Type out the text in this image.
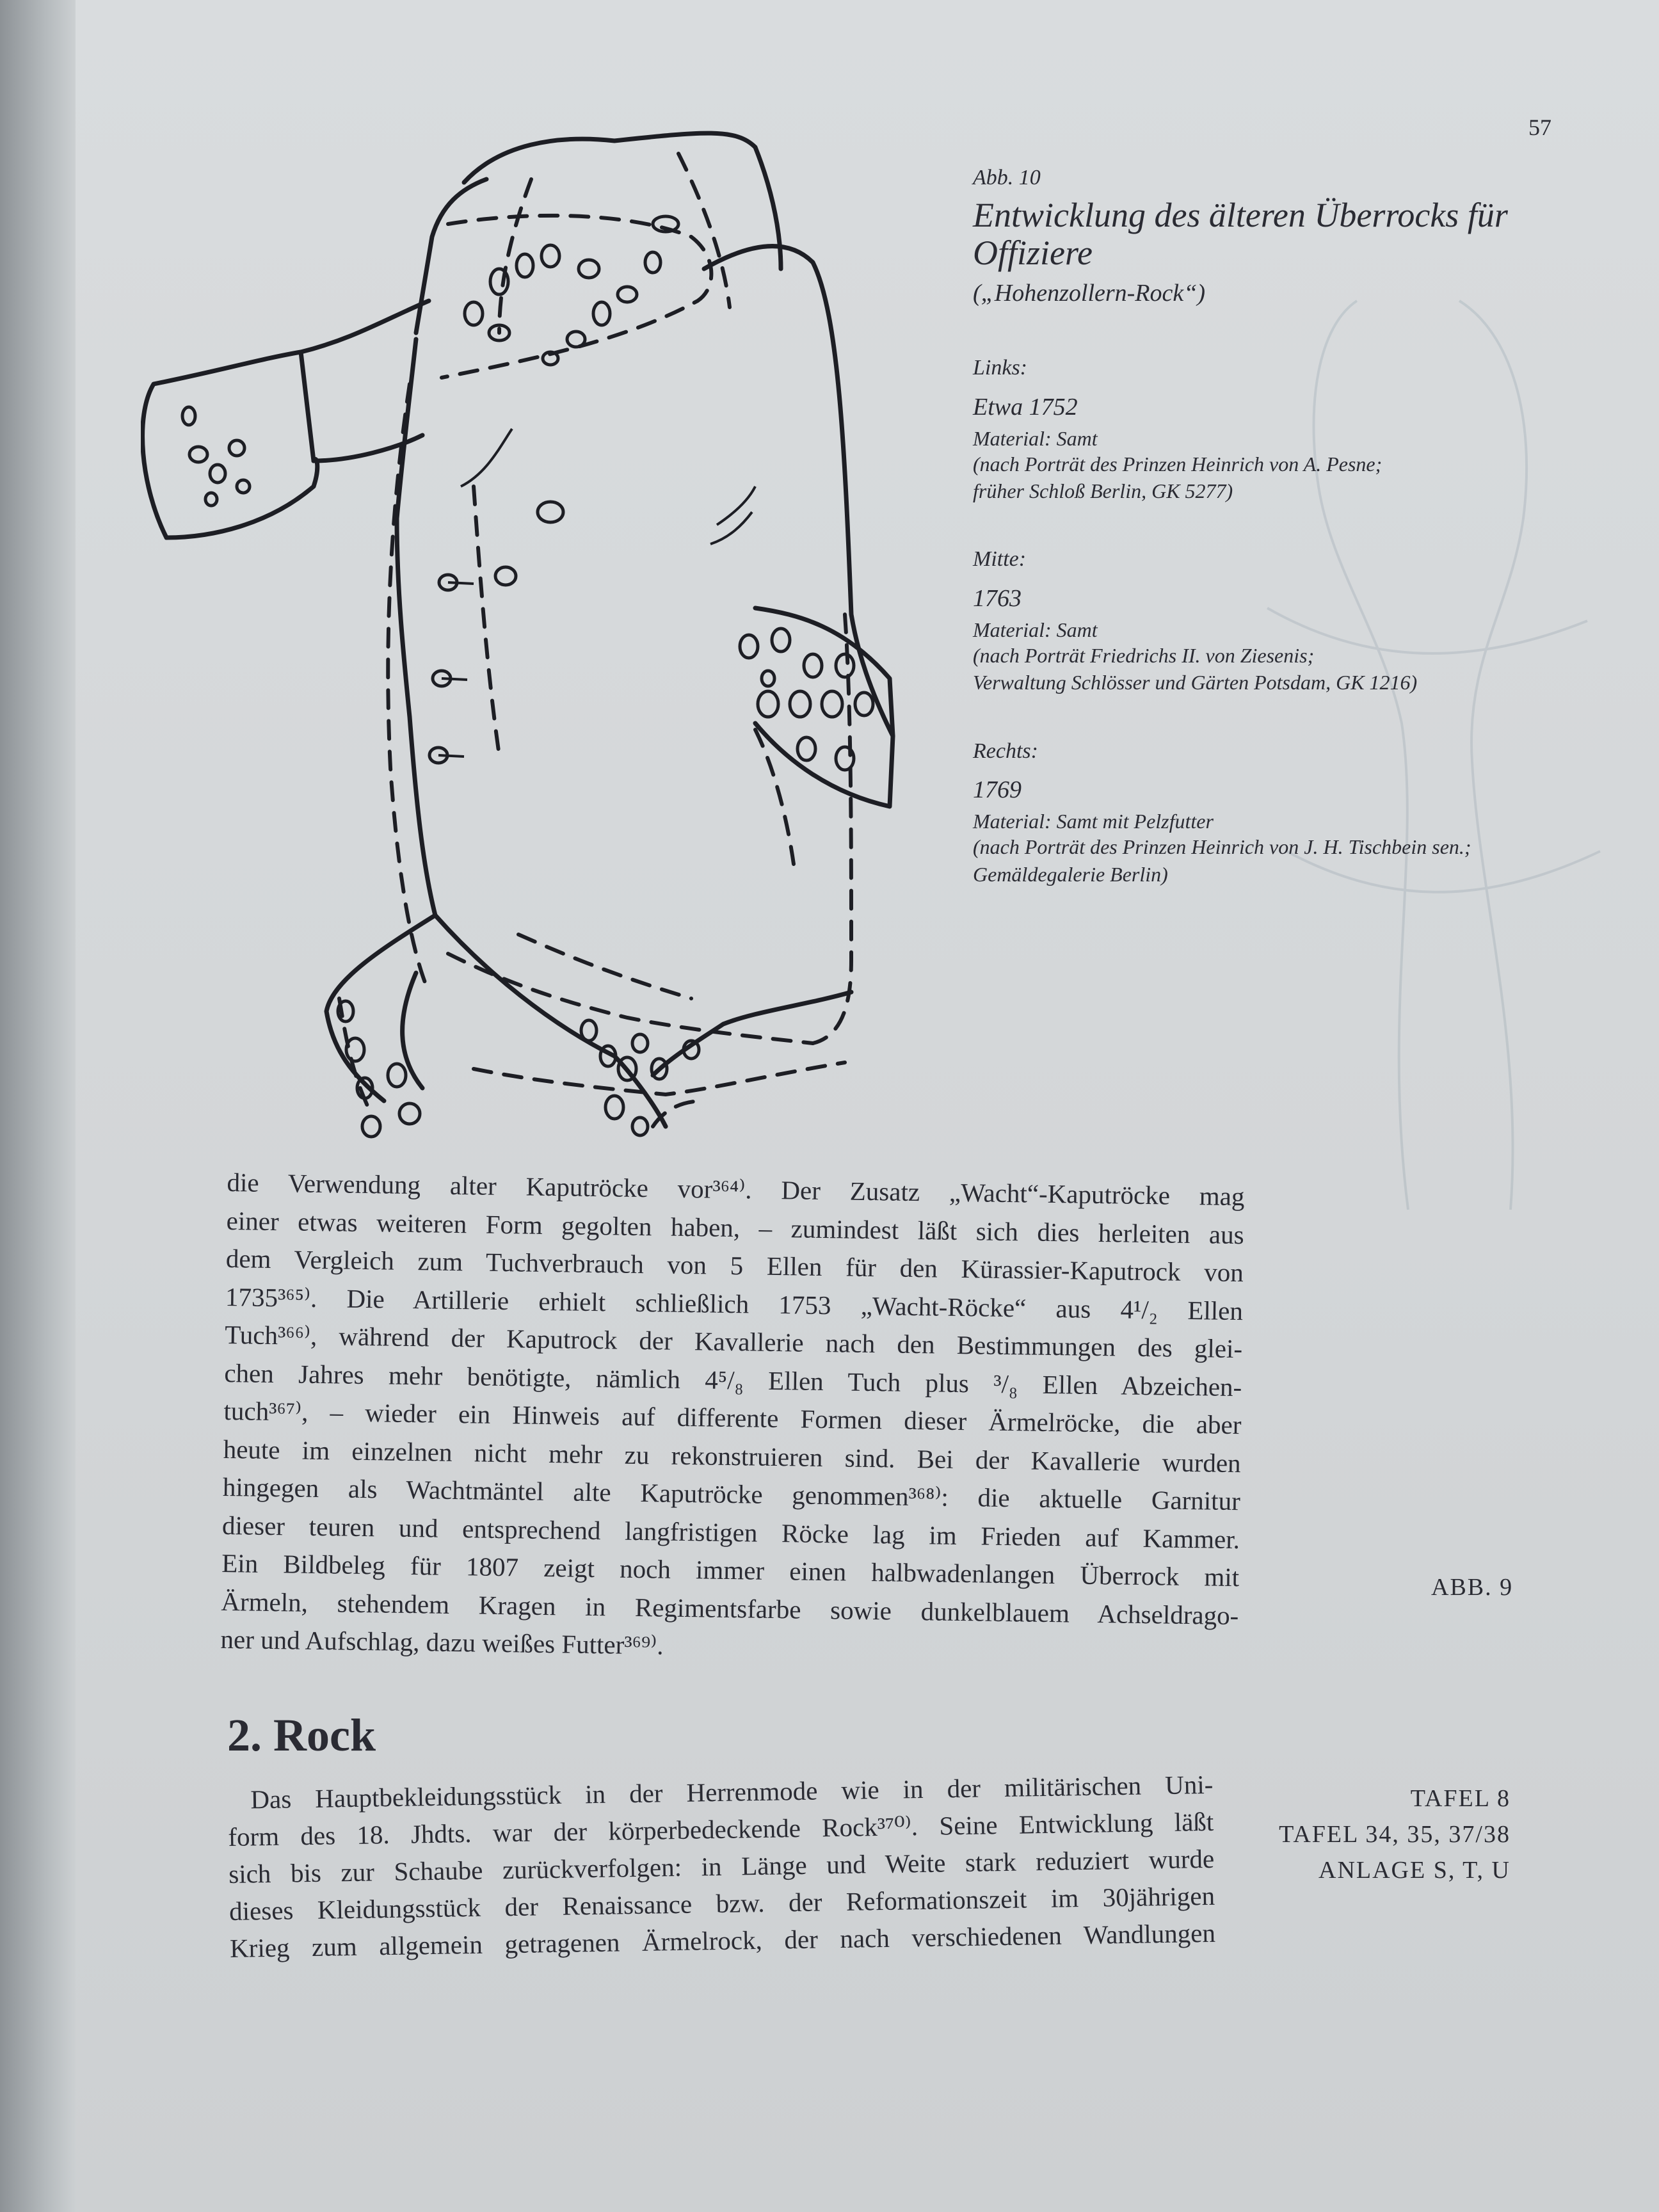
57
Abb. 10
Entwicklung des älteren Überrocks für Offiziere
(„Hohenzollern-Rock“)
Links:
Etwa 1752
Material: Samt
(nach Porträt des Prinzen Heinrich von A. Pesne;
früher Schloß Berlin, GK 5277)
Mitte:
1763
Material: Samt
(nach Porträt Friedrichs II. von Ziesenis;
Verwaltung Schlösser und Gärten Potsdam, GK 1216)
Rechts:
1769
Material: Samt mit Pelzfutter
(nach Porträt des Prinzen Heinrich von J. H. Tischbein sen.;
Gemäldegalerie Berlin)
die Verwendung alter Kaputröcke vor³⁶⁴⁾. Der Zusatz „Wacht“-Kaputröcke mag
einer etwas weiteren Form gegolten haben, – zumindest läßt sich dies herleiten aus
dem Vergleich zum Tuchverbrauch von 5 Ellen für den Kürassier-Kaputrock von
1735³⁶⁵⁾. Die Artillerie erhielt schließlich 1753 „Wacht-Röcke“ aus 4¹/₂ Ellen
Tuch³⁶⁶⁾, während der Kaputrock der Kavallerie nach den Bestimmungen des glei-
chen Jahres mehr benötigte, nämlich 4⁵/₈ Ellen Tuch plus ³/₈ Ellen Abzeichen-
tuch³⁶⁷⁾, – wieder ein Hinweis auf differente Formen dieser Ärmelröcke, die aber
heute im einzelnen nicht mehr zu rekonstruieren sind. Bei der Kavallerie wurden
hingegen als Wachtmäntel alte Kaputröcke genommen³⁶⁸⁾: die aktuelle Garnitur
dieser teuren und entsprechend langfristigen Röcke lag im Frieden auf Kammer.
Ein Bildbeleg für 1807 zeigt noch immer einen halbwadenlangen Überrock mit
Ärmeln, stehendem Kragen in Regimentsfarbe sowie dunkelblauem Achseldrago-
ner und Aufschlag, dazu weißes Futter³⁶⁹⁾.
ABB. 9
2. Rock
Das Hauptbekleidungsstück in der Herrenmode wie in der militärischen Uni-
form des 18. Jhdts. war der körperbedeckende Rock³⁷⁰⁾. Seine Entwicklung läßt
sich bis zur Schaube zurückverfolgen: in Länge und Weite stark reduziert wurde
dieses Kleidungsstück der Renaissance bzw. der Reformationszeit im 30jährigen
Krieg zum allgemein getragenen Ärmelrock, der nach verschiedenen Wandlungen
TAFEL 8
TAFEL 34, 35, 37/38
ANLAGE S, T, U
